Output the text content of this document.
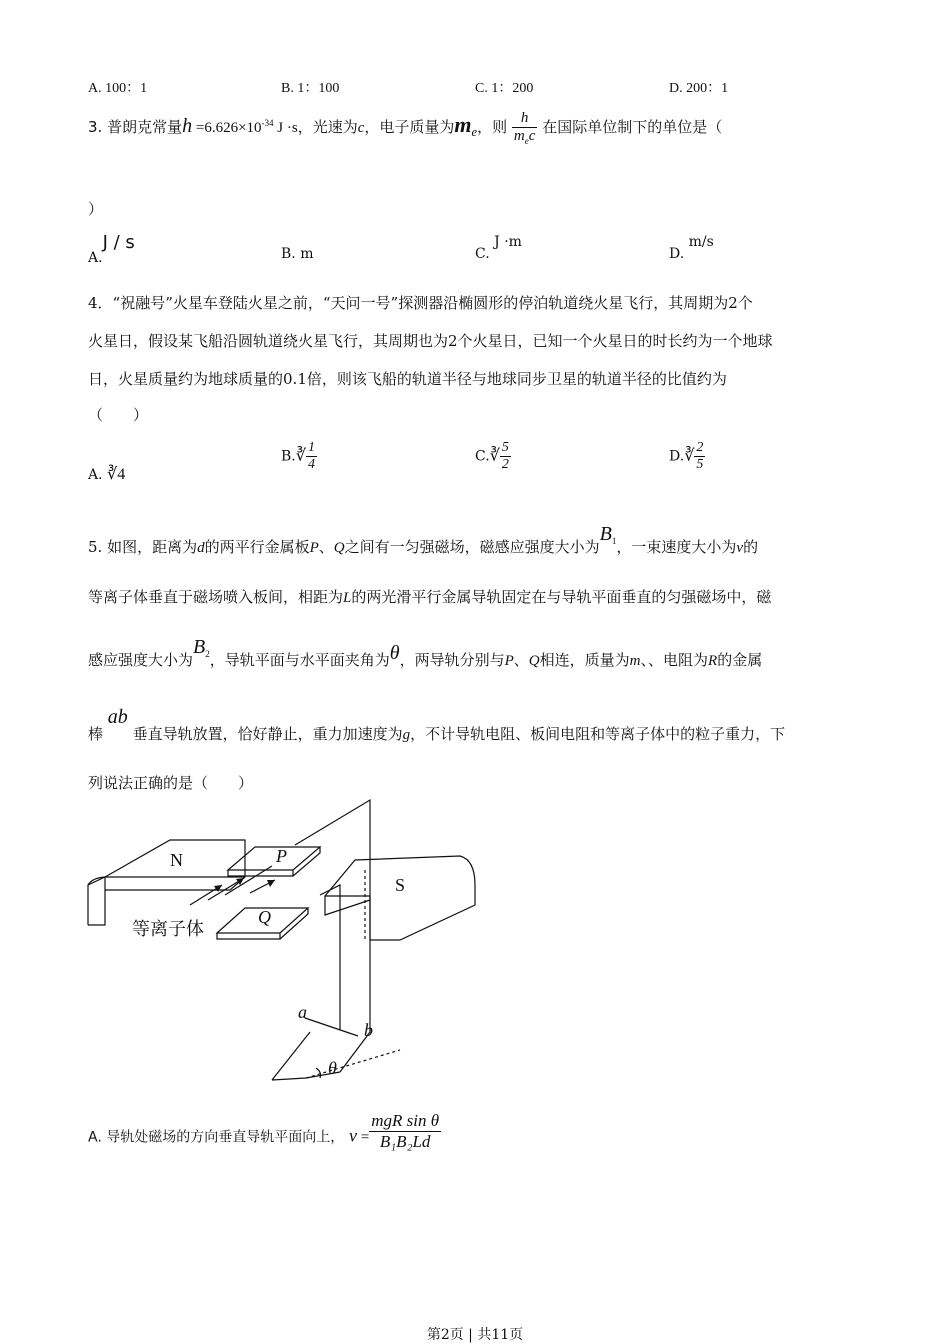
A. 100：1	B. 1：100	C. 1：200	D. 200：1
3. 普朗克常量$h =6.626\times 10^{-34}$ J ·s，光速为c，电子质量为$m_e$，则 $\frac{h}{m_ec}$ 在国际单位制下的单位是（
）
A.J / s
B. m	C. J ·m
D. m/s
4．“祝融号”火星车登陆火星之前，“天问一号”探测器沿椭圆形的停泊轨道绕火星飞行，其周期为2个
火星日，假设某飞船沿圆轨道绕火星飞行，其周期也为2个火星日，已知一个火星日的时长约为一个地球
日，火星质量约为地球质量的0.1倍，则该飞船的轨道半径与地球同步卫星的轨道半径的比值约为
（　　）
A. ∛4
B.∛ $\frac{1}{4}$	C.∛ $\frac{5}{2}$	D.∛ $\frac{2}{5}$
5. 如图，距离为d的两平行金属板P、Q之间有一匀强磁场，磁感应强度大小为$B_1$，一束速度大小为v的
等离子体垂直于磁场喷入板间，相距为L的两光滑平行金属导轨固定在与导轨平面垂直的匀强磁场中，磁
感应强度大小为$B_2$，导轨平面与水平面夹角为θ，两导轨分别与P、Q相连，质量为m、、电阻为R的金属
棒 ab 垂直导轨放置，恰好静止，重力加速度为g，不计导轨电阻、板间电阻和等离子体中的粒子重力，下
列说法正确的是（　　）
N	P
Q
S
等离子体
a
b
θ
A. 导轨处磁场的方向垂直导轨平面向上， $v = \frac{\text{mgR sin θ}}{\text{B₁B₂Ld}}$
第2页 | 共11页
